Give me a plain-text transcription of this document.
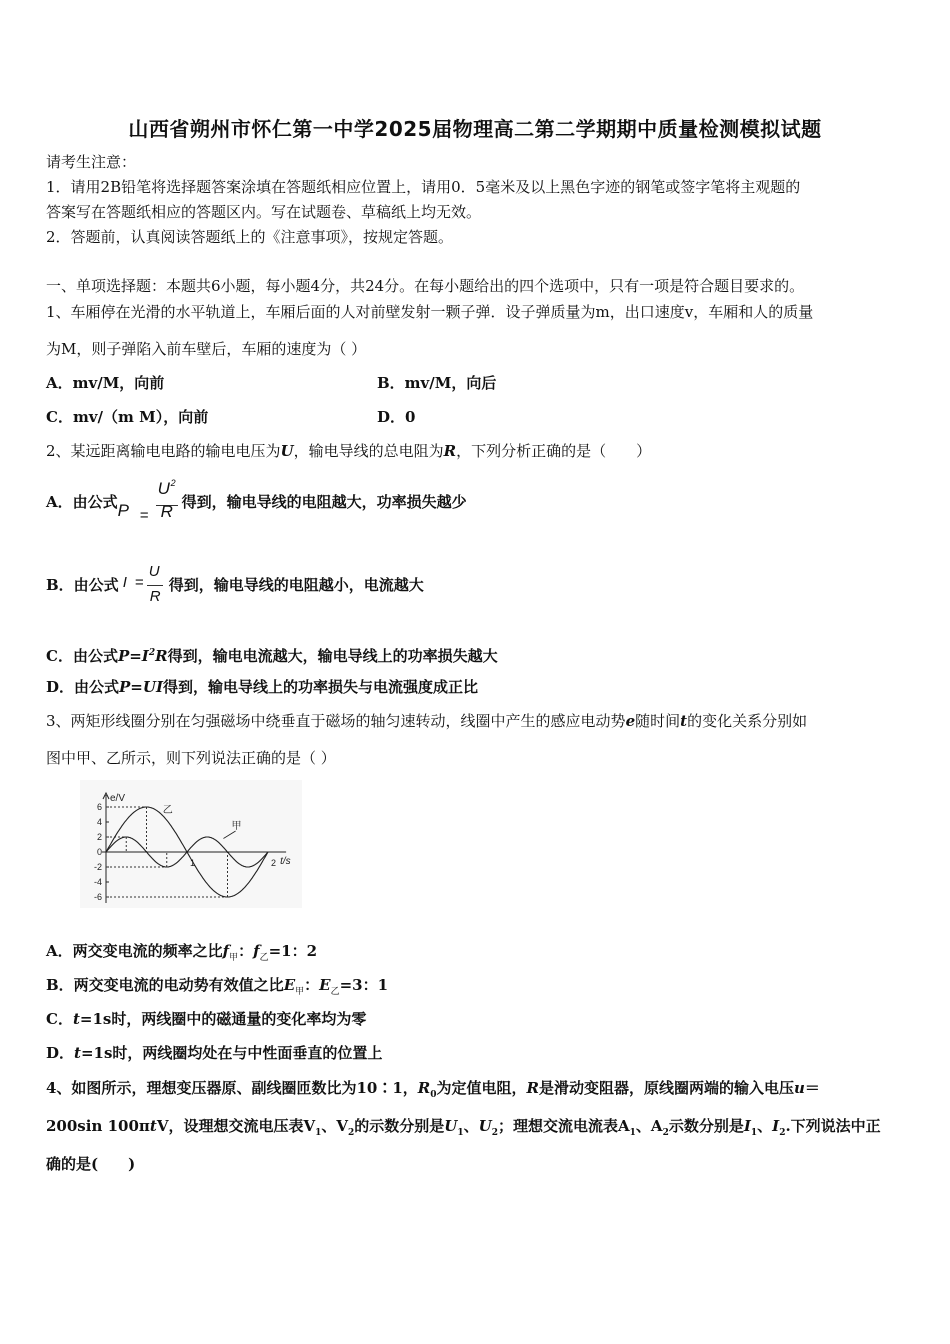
山西省朔州市怀仁第一中学2025届物理高二第二学期期中质量检测模拟试题
请考生注意：
1．请用2B铅笔将选择题答案涂填在答题纸相应位置上，请用0．5毫米及以上黑色字迹的钢笔或签字笔将主观题的
答案写在答题纸相应的答题区内。写在试题卷、草稿纸上均无效。
2．答题前，认真阅读答题纸上的《注意事项》，按规定答题。
一、单项选择题：本题共6小题，每小题4分，共24分。在每小题给出的四个选项中，只有一项是符合题目要求的。
1、车厢停在光滑的水平轨道上，车厢后面的人对前壁发射一颗子弹．设子弹质量为m，出口速度v，车厢和人的质量
为M，则子弹陷入前车壁后，车厢的速度为（ ）
A．mv/M，向前	B．mv/M，向后
C．mv/（m M），向前	D．0
2、某远距离输电电路的输电电压为U，输电导线的总电阻为R，下列分析正确的是（　　）
A．由公式 P =
U 2
R 得到，输电导线的电阻越大，功率损失越少
B．由公式 I =
U
R
得到，输电导线的电阻越小，电流越大
C．由公式$P=I^2R$得到，输电电流越大，输电导线上的功率损失越大
D．由公式P=UI得到，输电导线上的功率损失与电流强度成正比
3、两矩形线圈分别在匀强磁场中绕垂直于磁场的轴匀速转动，线圈中产生的感应电动势e随时间t的变化关系分别如
图中甲、乙所示，则下列说法正确的是（ ）
e/V
t/s
6
4
2
0
-2
-4
-6
1	2
甲
乙
A．两交变电流的频率之比$f_甲$：$f_乙=1$：2
B．两交变电流的电动势有效值之比$E_甲$：$E_乙=3$：1
C．t=1s时，两线圈中的磁通量的变化率均为零
D．t=1s时，两线圈均处在与中性面垂直的位置上
4、如图所示，理想变压器原、副线圈匝数比为10∶1，$R_0$为定值电阻，R是滑动变阻器，原线圈两端的输入电压u＝
200sin 100πtV，设理想交流电压表$V_1$、$V_2$的示数分别是$U_1$、$U_2$；理想交流电流表$A_1$、$A_2$示数分别是$I_1$、$I_2$.下列说法中正
确的是(　　)
